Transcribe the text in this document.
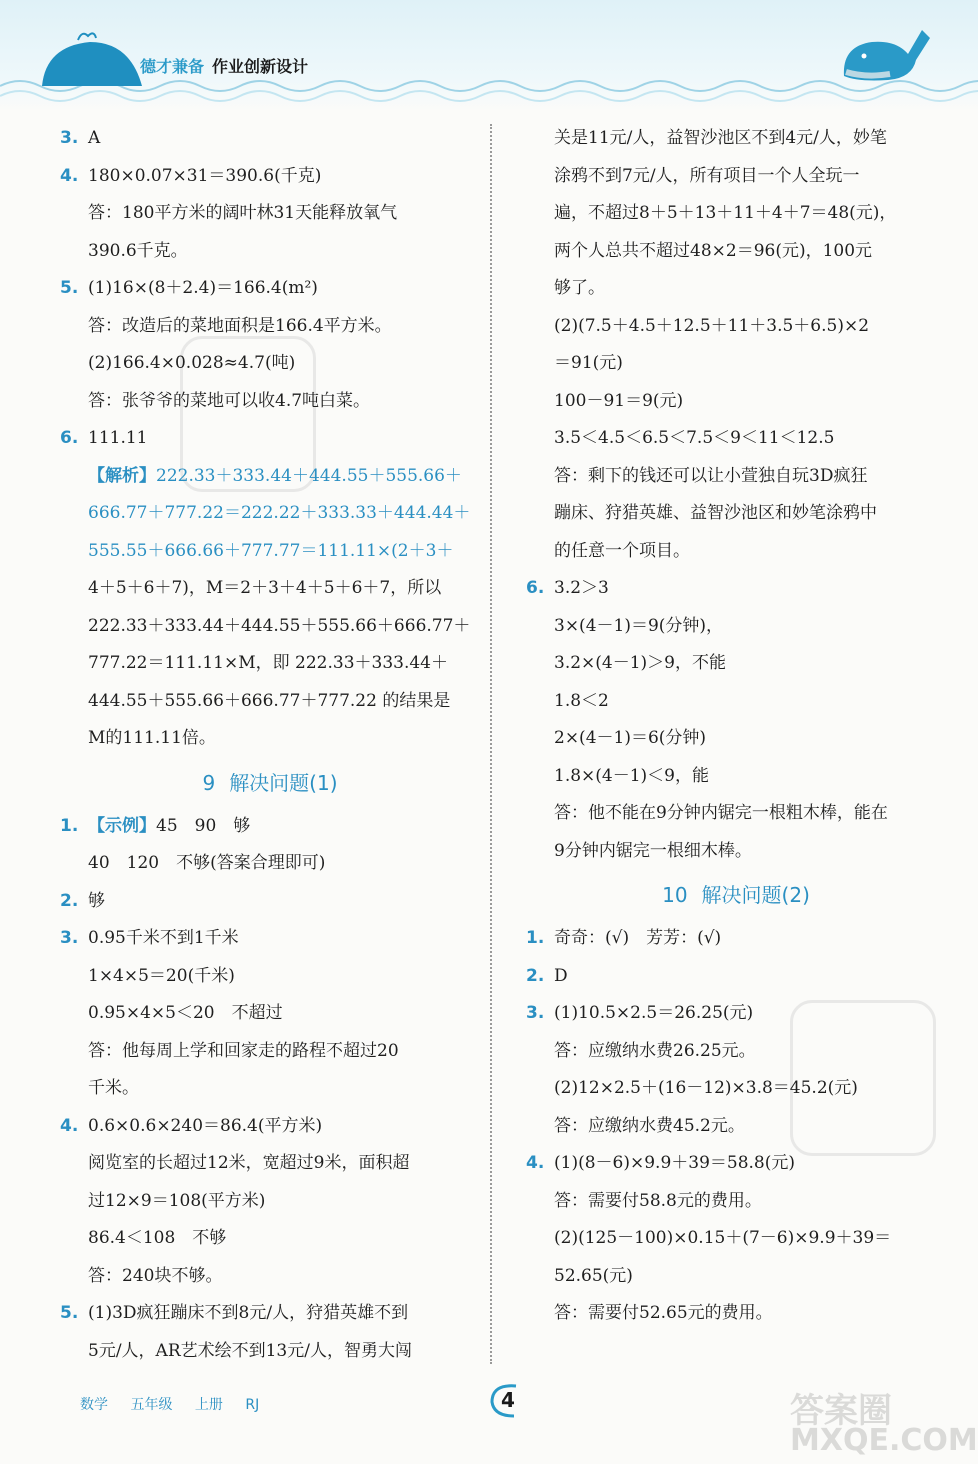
德才兼备 作业创新设计
3. A
4. 180×0.07×31＝390.6(千克)
答：180平方米的阔叶林31天能释放氧气
390.6千克。
5. (1)16×(8＋2.4)＝166.4(m²)
答：改造后的菜地面积是166.4平方米。
(2)166.4×0.028≈4.7(吨)
答：张爷爷的菜地可以收4.7吨白菜。
6. 111.11
【解析】222.33＋333.44＋444.55＋555.66＋
666.77＋777.22＝222.22＋333.33＋444.44＋
555.55＋666.66＋777.77＝111.11×(2＋3＋
4＋5＋6＋7)，M＝2＋3＋4＋5＋6＋7，所以
222.33＋333.44＋444.55＋555.66＋666.77＋
777.22＝111.11×M，即 222.33＋333.44＋
444.55＋555.66＋666.77＋777.22 的结果是
M的111.11倍。
9 解决问题(1)
1. 【示例】45　90　够
40　120　不够(答案合理即可)
2. 够
3. 0.95千米不到1千米
1×4×5＝20(千米)
0.95×4×5＜20　不超过
答：他每周上学和回家走的路程不超过20
千米。
4. 0.6×0.6×240＝86.4(平方米)
阅览室的长超过12米，宽超过9米，面积超
过12×9＝108(平方米)
86.4＜108　不够
答：240块不够。
5. (1)3D疯狂蹦床不到8元/人，狩猎英雄不到
5元/人，AR艺术绘不到13元/人，智勇大闯
关是11元/人，益智沙池区不到4元/人，妙笔
涂鸦不到7元/人，所有项目一个人全玩一
遍，不超过8＋5＋13＋11＋4＋7＝48(元)，
两个人总共不超过48×2＝96(元)，100元
够了。
(2)(7.5＋4.5＋12.5＋11＋3.5＋6.5)×2
＝91(元)
100－91＝9(元)
3.5＜4.5＜6.5＜7.5＜9＜11＜12.5
答：剩下的钱还可以让小萱独自玩3D疯狂
蹦床、狩猎英雄、益智沙池区和妙笔涂鸦中
的任意一个项目。
6. 3.2＞3
3×(4－1)＝9(分钟)，
3.2×(4－1)＞9，不能
1.8＜2
2×(4－1)＝6(分钟)
1.8×(4－1)＜9，能
答：他不能在9分钟内锯完一根粗木棒，能在
9分钟内锯完一根细木棒。
10 解决问题(2)
1. 奇奇：(√)　芳芳：(√)
2. D
3. (1)10.5×2.5＝26.25(元)
答：应缴纳水费26.25元。
(2)12×2.5＋(16－12)×3.8＝45.2(元)
答：应缴纳水费45.2元。
4. (1)(8－6)×9.9＋39＝58.8(元)
答：需要付58.8元的费用。
(2)(125－100)×0.15＋(7－6)×9.9＋39＝
52.65(元)
答：需要付52.65元的费用。
数学 五年级 上册 RJ	4	答案圈
MXQE.COM
